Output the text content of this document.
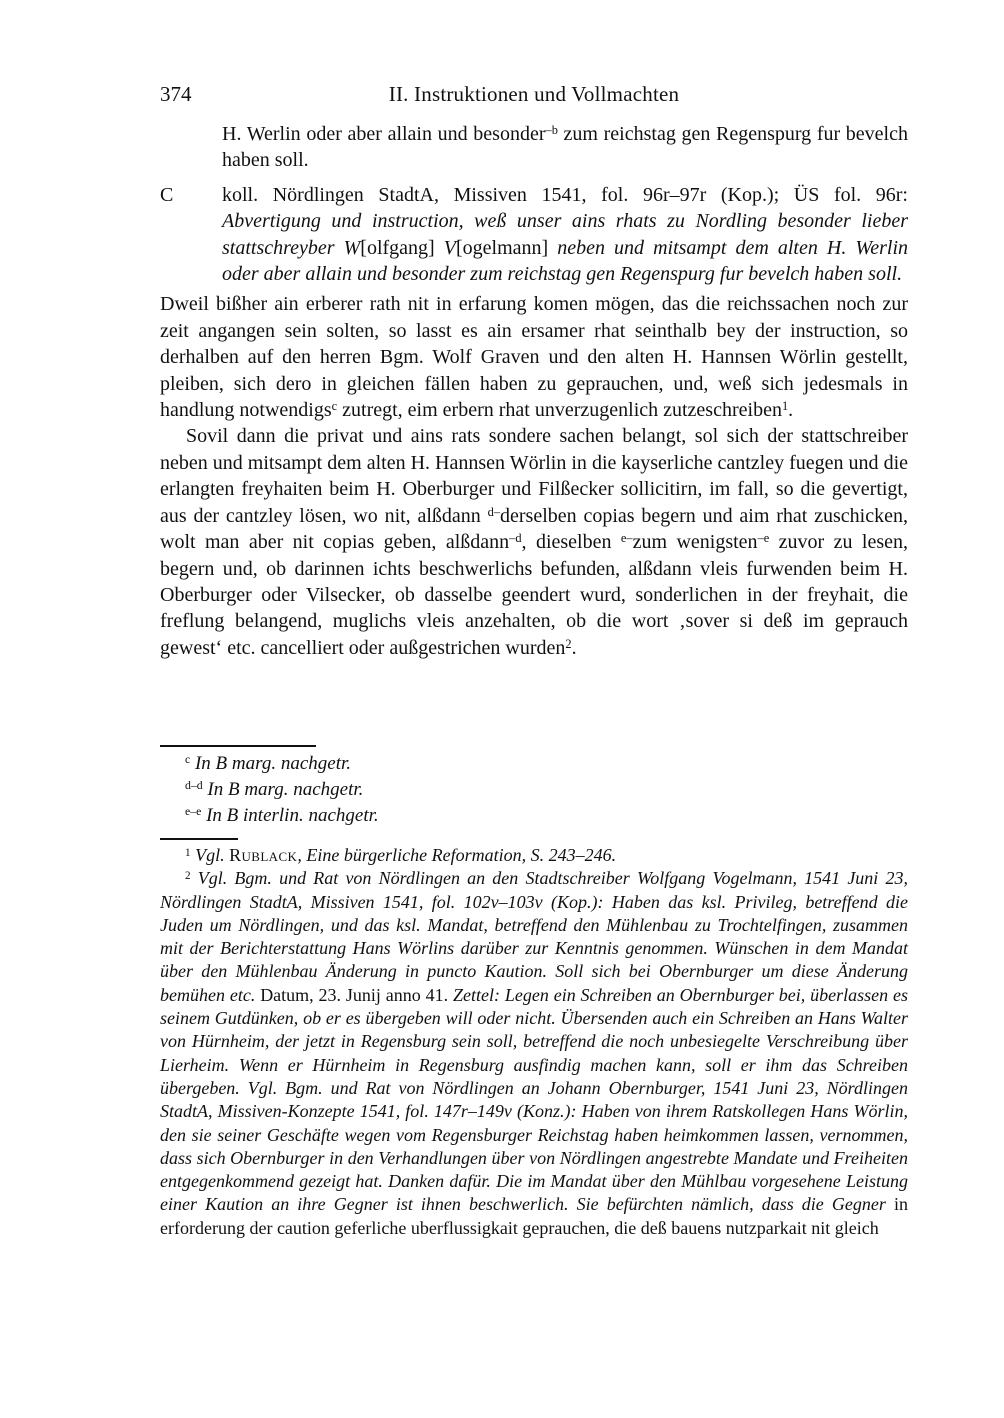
374	II. Instruktionen und Vollmachten
H. Werlin oder aber allain und besonder$^{-b}$ zum reichstag gen Regenspurg fur bevelch haben soll.
C koll. Nördlingen StadtA, Missiven 1541, fol. 96r–97r (Kop.); ÜS fol. 96r: Abvertigung und instruction, weß unser ains rhats zu Nordling besonder lieber stattschreyber W[olfgang] V[ogelmann] neben und mitsampt dem alten H. Werlin oder aber allain und besonder zum reichstag gen Regenspurg fur bevelch haben soll.

Dweil bißher ain erberer rath nit in erfarung komen mögen, das die reichssachen noch zur zeit angangen sein solten, so lasst es ain ersamer rhat seinthalb bey der instruction, so derhalben auf den herren Bgm. Wolf Graven und den alten H. Hannsen Wörlin gestellt, pleiben, sich dero in gleichen fällen haben zu geprauchen, und, weß sich jedesmals in handlung notwendigs$^c$ zutregt, eim erbern rhat unverzugenlich zutzeschreiben$^1$.

Sovil dann die privat und ains rats sondere sachen belangt, sol sich der stattschreiber neben und mitsampt dem alten H. Hannsen Wörlin in die kayserliche cantzley fuegen und die erlangten freyhaiten beim H. Oberburger und Filßecker sollicitirn, im fall, so die gevertigt, aus der cantzley lösen, wo nit, alßdann $^{d-}$derselben copias begern und aim rhat zuschicken, wolt man aber nit copias geben, alßdann$^{-d}$, dieselben $^{e-}$zum wenigsten$^{-e}$ zuvor zu lesen, begern und, ob darinnen ichts beschwerlichs befunden, alßdann vleis furwenden beim H. Oberburger oder Vilsecker, ob dasselbe geendert wurd, sonderlichen in der freyhait, die freflung belangend, muglichs vleis anzehalten, ob die wort ‚sover si deß im geprauch gewest‘ etc. cancelliert oder außgestrichen wurden$^2$.

$^c$ In B marg. nachgetr.
$^{d-d}$ In B marg. nachgetr.
$^{e-e}$ In B interlin. nachgetr.

$^1$ Vgl. Rublack, Eine bürgerliche Reformation, S. 243–246.

$^2$ Vgl. Bgm. und Rat von Nördlingen an den Stadtschreiber Wolfgang Vogelmann, 1541 Juni 23, Nördlingen StadtA, Missiven 1541, fol. 102v–103v (Kop.): Haben das ksl. Privileg, betreffend die Juden um Nördlingen, und das ksl. Mandat, betreffend den Mühlenbau zu Trochtelfingen, zusammen mit der Berichterstattung Hans Wörlins darüber zur Kenntnis genommen. Wünschen in dem Mandat über den Mühlenbau Änderung in puncto Kaution. Soll sich bei Obernburger um diese Änderung bemühen etc. Datum, 23. Junij anno 41. Zettel: Legen ein Schreiben an Obernburger bei, überlassen es seinem Gutdünken, ob er es übergeben will oder nicht. Übersenden auch ein Schreiben an Hans Walter von Hürnheim, der jetzt in Regensburg sein soll, betreffend die noch unbesiegelte Verschreibung über Lierheim. Wenn er Hürnheim in Regensburg ausfindig machen kann, soll er ihm das Schreiben übergeben. Vgl. Bgm. und Rat von Nördlingen an Johann Obernburger, 1541 Juni 23, Nördlingen StadtA, Missiven-Konzepte 1541, fol. 147r–149v (Konz.): Haben von ihrem Ratskollegen Hans Wörlin, den sie seiner Geschäfte wegen vom Regensburger Reichstag haben heimkommen lassen, vernommen, dass sich Obernburger in den Verhandlungen über von Nördlingen angestrebte Mandate und Freiheiten entgegenkommend gezeigt hat. Danken dafür. Die im Mandat über den Mühlbau vorgesehene Leistung einer Kaution an ihre Gegner ist ihnen beschwerlich. Sie befürchten nämlich, dass die Gegner in erforderung der caution geferliche uberflussigkait geprauchen, die deß bauens nutzparkait nit gleich
